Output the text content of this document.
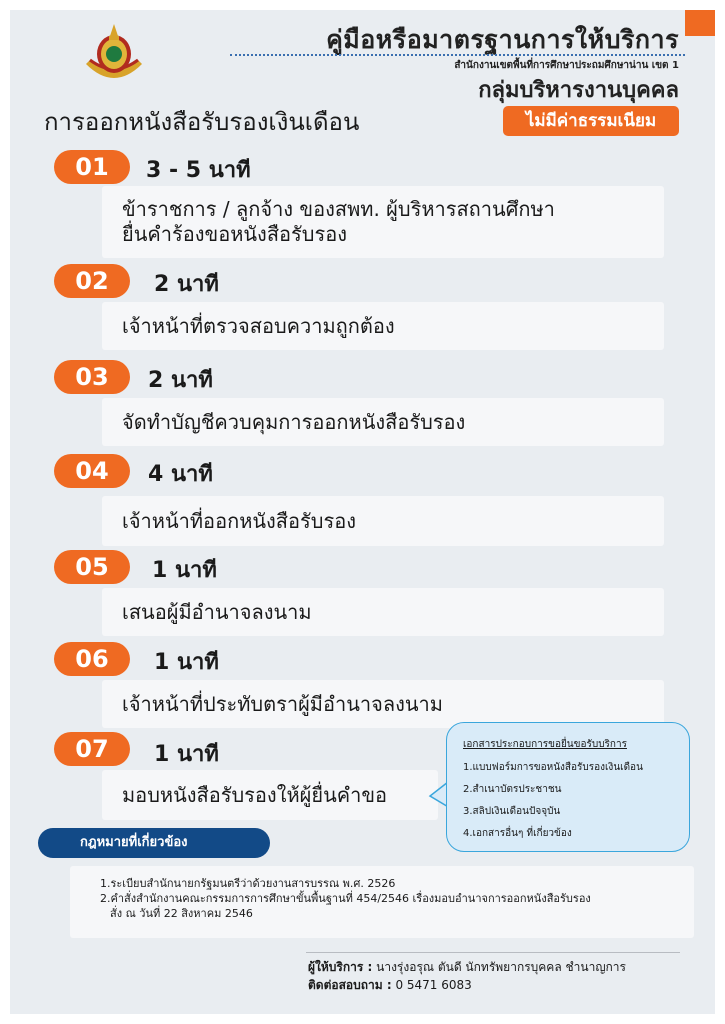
คู่มือหรือมาตรฐานการให้บริการ
สำนักงานเขตพื้นที่การศึกษาประถมศึกษาน่าน เขต 1
กลุ่มบริหารงานบุคคล
ไม่มีค่าธรรมเนียม
การออกหนังสือรับรองเงินเดือน
01	3 - 5 นาที
ข้าราชการ / ลูกจ้าง ของสพท. ผู้บริหารสถานศึกษา
ยื่นคำร้องขอหนังสือรับรอง
02	2 นาที
เจ้าหน้าที่ตรวจสอบความถูกต้อง
03	2 นาที
จัดทำบัญชีควบคุมการออกหนังสือรับรอง
04	4 นาที
เจ้าหน้าที่ออกหนังสือรับรอง
05	1 นาที
เสนอผู้มีอำนาจลงนาม
06	1 นาที
เจ้าหน้าที่ประทับตราผู้มีอำนาจลงนาม
07	1 นาที
มอบหนังสือรับรองให้ผู้ยื่นคำขอ
เอกสารประกอบการขอยื่นขอรับบริการ
1.แบบฟอร์มการขอหนังสือรับรองเงินเดือน
2.สำเนาบัตรประชาชน
3.สลิปเงินเดือนปัจจุบัน
4.เอกสารอื่นๆ ที่เกี่ยวข้อง
กฎหมายที่เกี่ยวข้อง
1.ระเบียบสำนักนายกรัฐมนตรีว่าด้วยงานสารบรรณ พ.ศ. 2526
2.คำสั่งสำนักงานคณะกรรมการการศึกษาขั้นพื้นฐานที่ 454/2546 เรื่องมอบอำนาจการออกหนังสือรับรอง
สั่ง ณ วันที่ 22 สิงหาคม 2546
ผู้ให้บริการ : นางรุ่งอรุณ ตันดี นักทรัพยากรบุคคล ชำนาญการ
ติดต่อสอบถาม : 0 5471 6083
